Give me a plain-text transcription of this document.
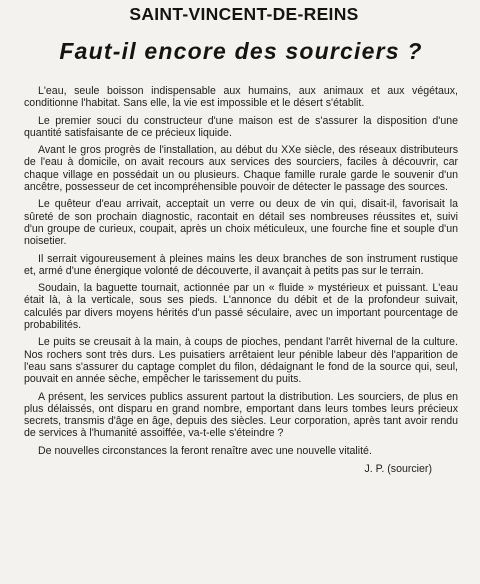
SAINT-VINCENT-DE-REINS
Faut-il encore des sourciers ?

L'eau, seule boisson indispensable aux humains, aux animaux et aux végétaux, conditionne l'habitat. Sans elle, la vie est impossible et le désert s'établit.

Le premier souci du constructeur d'une maison est de s'assurer la disposition d'une quantité satisfaisante de ce précieux liquide.

Avant le gros progrès de l'installation, au début du XXe siècle, des réseaux distributeurs de l'eau à domicile, on avait recours aux services des sourciers, faciles à découvrir, car chaque village en possédait un ou plusieurs. Chaque famille rurale garde le souvenir d'un ancêtre, possesseur de cet incompréhensible pouvoir de détecter le passage des sources.

Le quêteur d'eau arrivait, acceptait un verre ou deux de vin qui, disait-il, favorisait la sûreté de son prochain diagnostic, racontait en détail ses nombreuses réussites et, suivi d'un groupe de curieux, coupait, après un choix méticuleux, une fourche fine et souple d'un noisetier.

Il serrait vigoureusement à pleines mains les deux branches de son instrument rustique et, armé d'une énergique volonté de découverte, il avançait à petits pas sur le terrain.

Soudain, la baguette tournait, actionnée par un « fluide » mystérieux et puissant. L'eau était là, à la verticale, sous ses pieds. L'annonce du débit et de la profondeur suivait, calculés par divers moyens hérités d'un passé séculaire, avec un important pourcentage de probabilités.

Le puits se creusait à la main, à coups de pioches, pendant l'arrêt hivernal de la culture. Nos rochers sont très durs. Les puisatiers arrêtaient leur pénible labeur dès l'apparition de l'eau sans s'assurer du captage complet du filon, dédaignant le fond de la source qui, seul, pouvait en année sèche, empêcher le tarissement du puits.

A présent, les services publics assurent partout la distribution. Les sourciers, de plus en plus délaissés, ont disparu en grand nombre, emportant dans leurs tombes leurs précieux secrets, transmis d'âge en âge, depuis des siècles. Leur corporation, après tant avoir rendu de services à l'humanité assoiffée, va-t-elle s'éteindre ?

De nouvelles circonstances la feront renaître avec une nouvelle vitalité.

J. P. (sourcier)
